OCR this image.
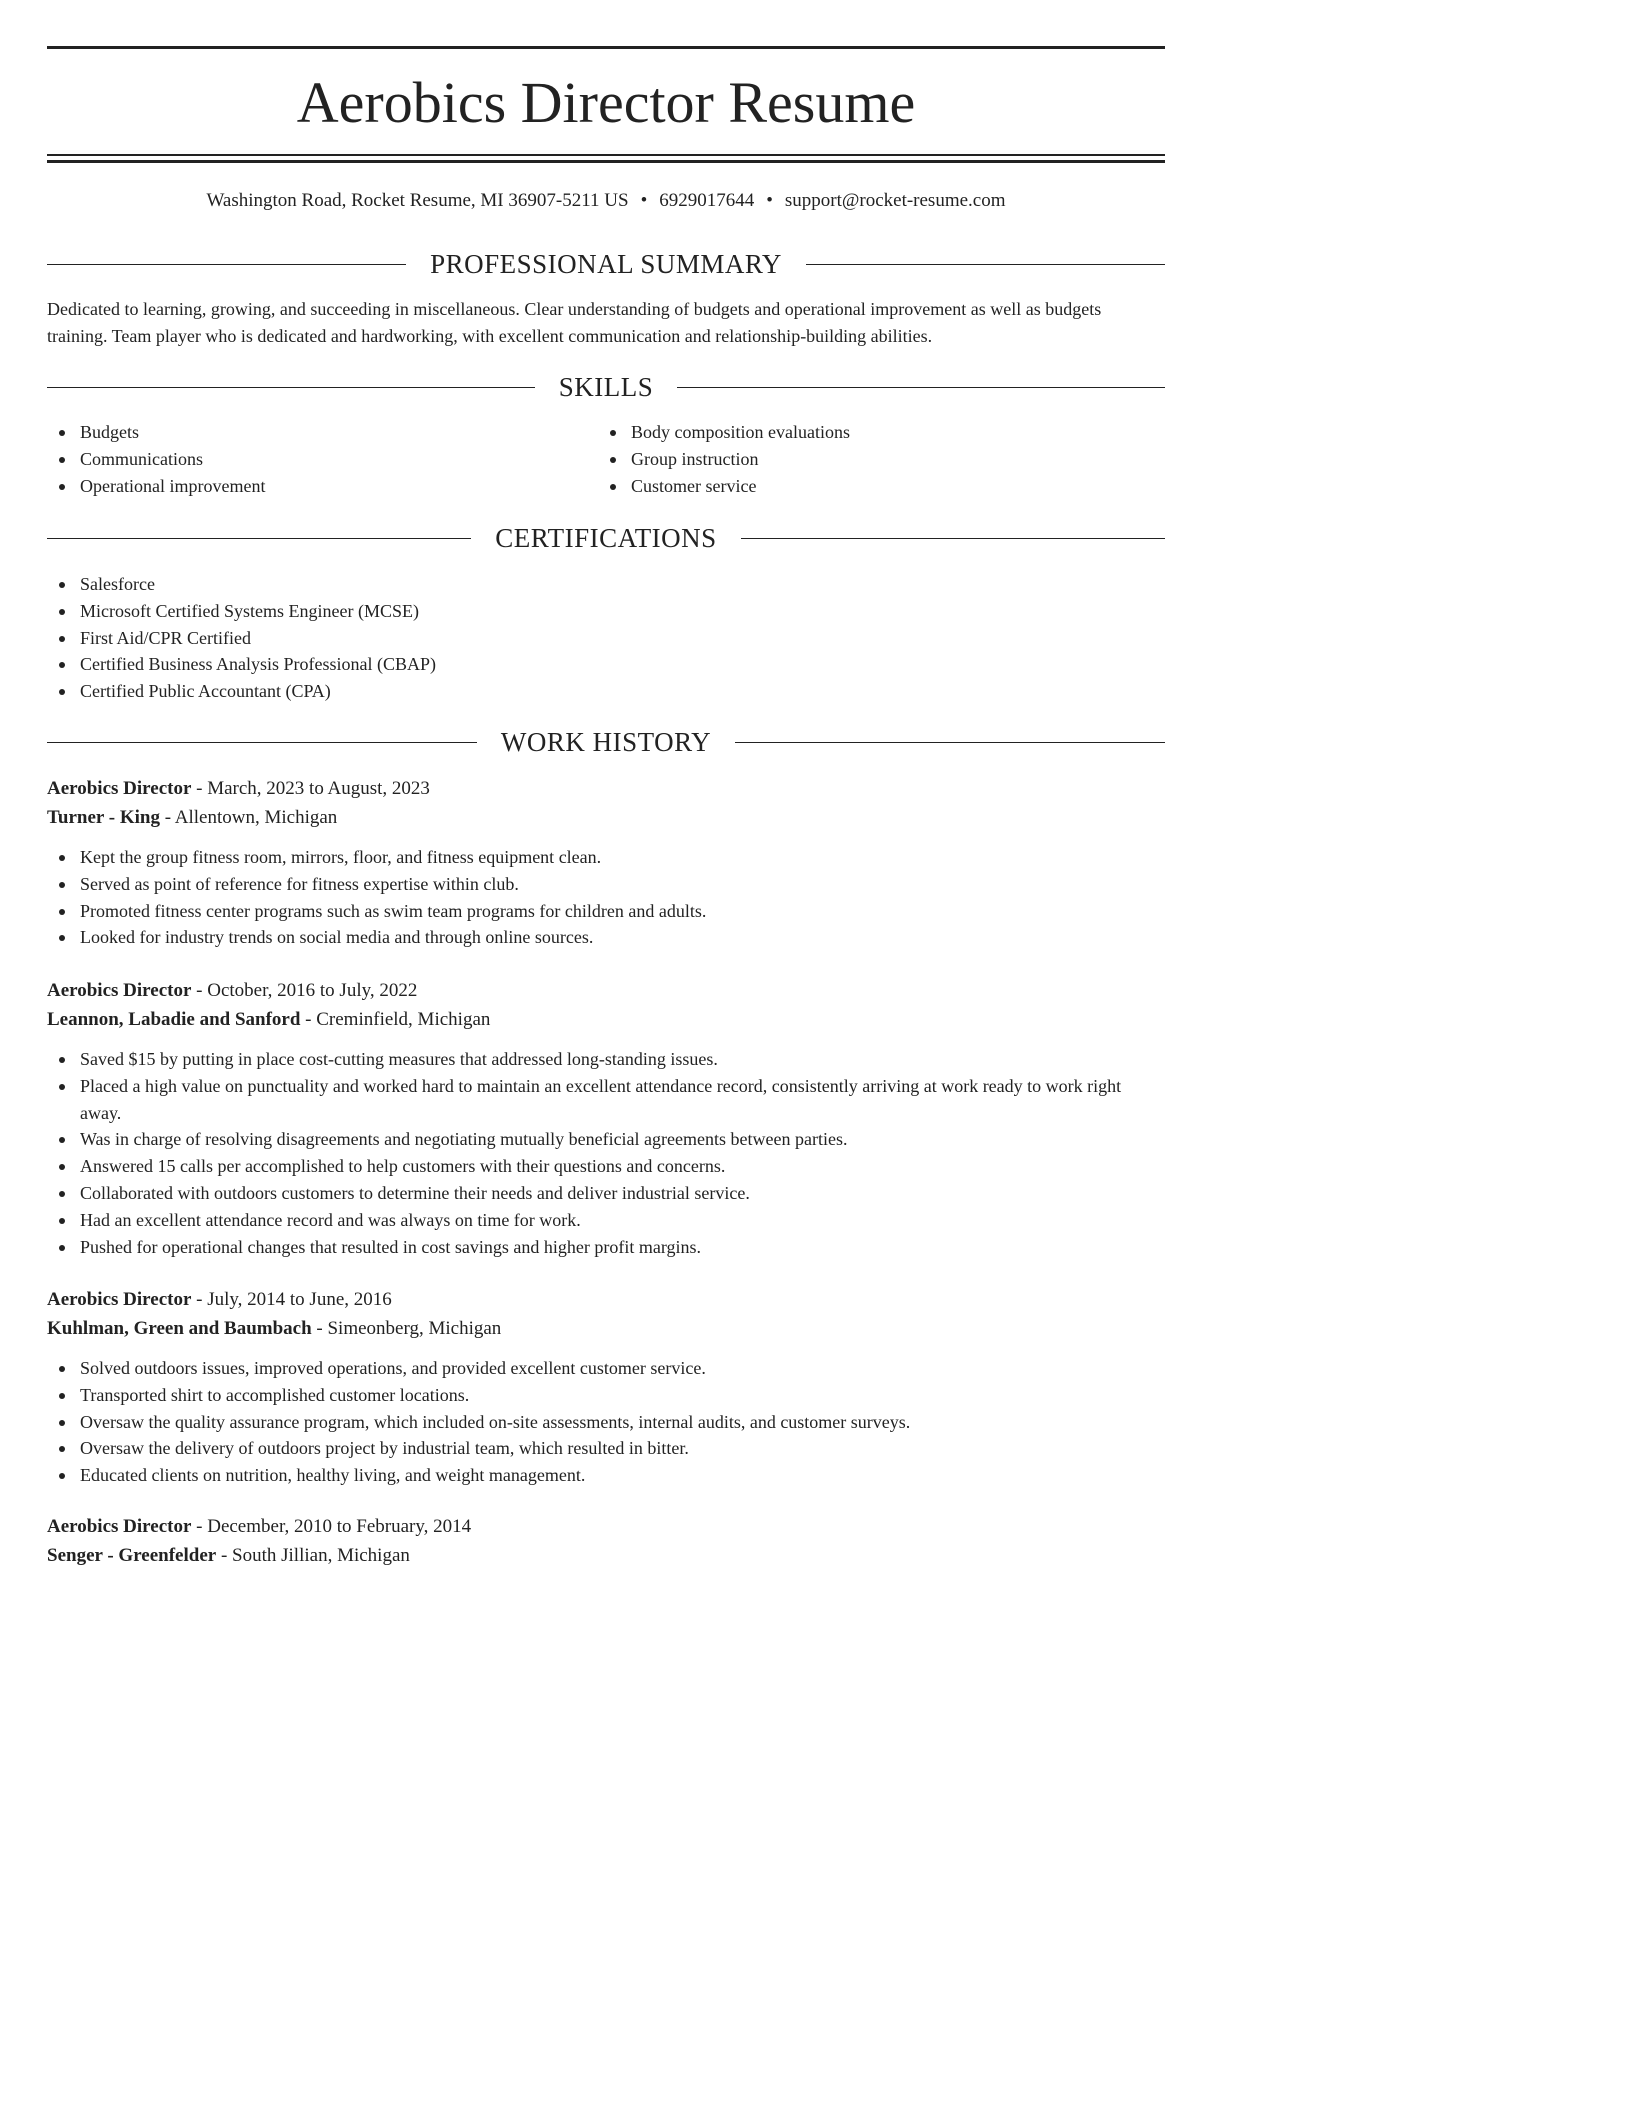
Aerobics Director Resume
Washington Road, Rocket Resume, MI 36907-5211 US • 6929017644 • support@rocket-resume.com
PROFESSIONAL SUMMARY

Dedicated to learning, growing, and succeeding in miscellaneous. Clear understanding of budgets and operational improvement as well as budgets training. Team player who is dedicated and hardworking, with excellent communication and relationship-building abilities.

SKILLS
Budgets
Communications
Operational improvement
Body composition evaluations
Group instruction
Customer service
CERTIFICATIONS
Salesforce
Microsoft Certified Systems Engineer (MCSE)
First Aid/CPR Certified
Certified Business Analysis Professional (CBAP)
Certified Public Accountant (CPA)
WORK HISTORY
Aerobics Director - March, 2023 to August, 2023
Turner - King - Allentown, Michigan
Kept the group fitness room, mirrors, floor, and fitness equipment clean.
Served as point of reference for fitness expertise within club.
Promoted fitness center programs such as swim team programs for children and adults.
Looked for industry trends on social media and through online sources.
Aerobics Director - October, 2016 to July, 2022
Leannon, Labadie and Sanford - Creminfield, Michigan
Saved $15 by putting in place cost-cutting measures that addressed long-standing issues.
Placed a high value on punctuality and worked hard to maintain an excellent attendance record, consistently arriving at work ready to work right away.
Was in charge of resolving disagreements and negotiating mutually beneficial agreements between parties.
Answered 15 calls per accomplished to help customers with their questions and concerns.
Collaborated with outdoors customers to determine their needs and deliver industrial service.
Had an excellent attendance record and was always on time for work.
Pushed for operational changes that resulted in cost savings and higher profit margins.
Aerobics Director - July, 2014 to June, 2016
Kuhlman, Green and Baumbach - Simeonberg, Michigan
Solved outdoors issues, improved operations, and provided excellent customer service.
Transported shirt to accomplished customer locations.
Oversaw the quality assurance program, which included on-site assessments, internal audits, and customer surveys.
Oversaw the delivery of outdoors project by industrial team, which resulted in bitter.
Educated clients on nutrition, healthy living, and weight management.
Aerobics Director - December, 2010 to February, 2014
Senger - Greenfelder - South Jillian, Michigan
